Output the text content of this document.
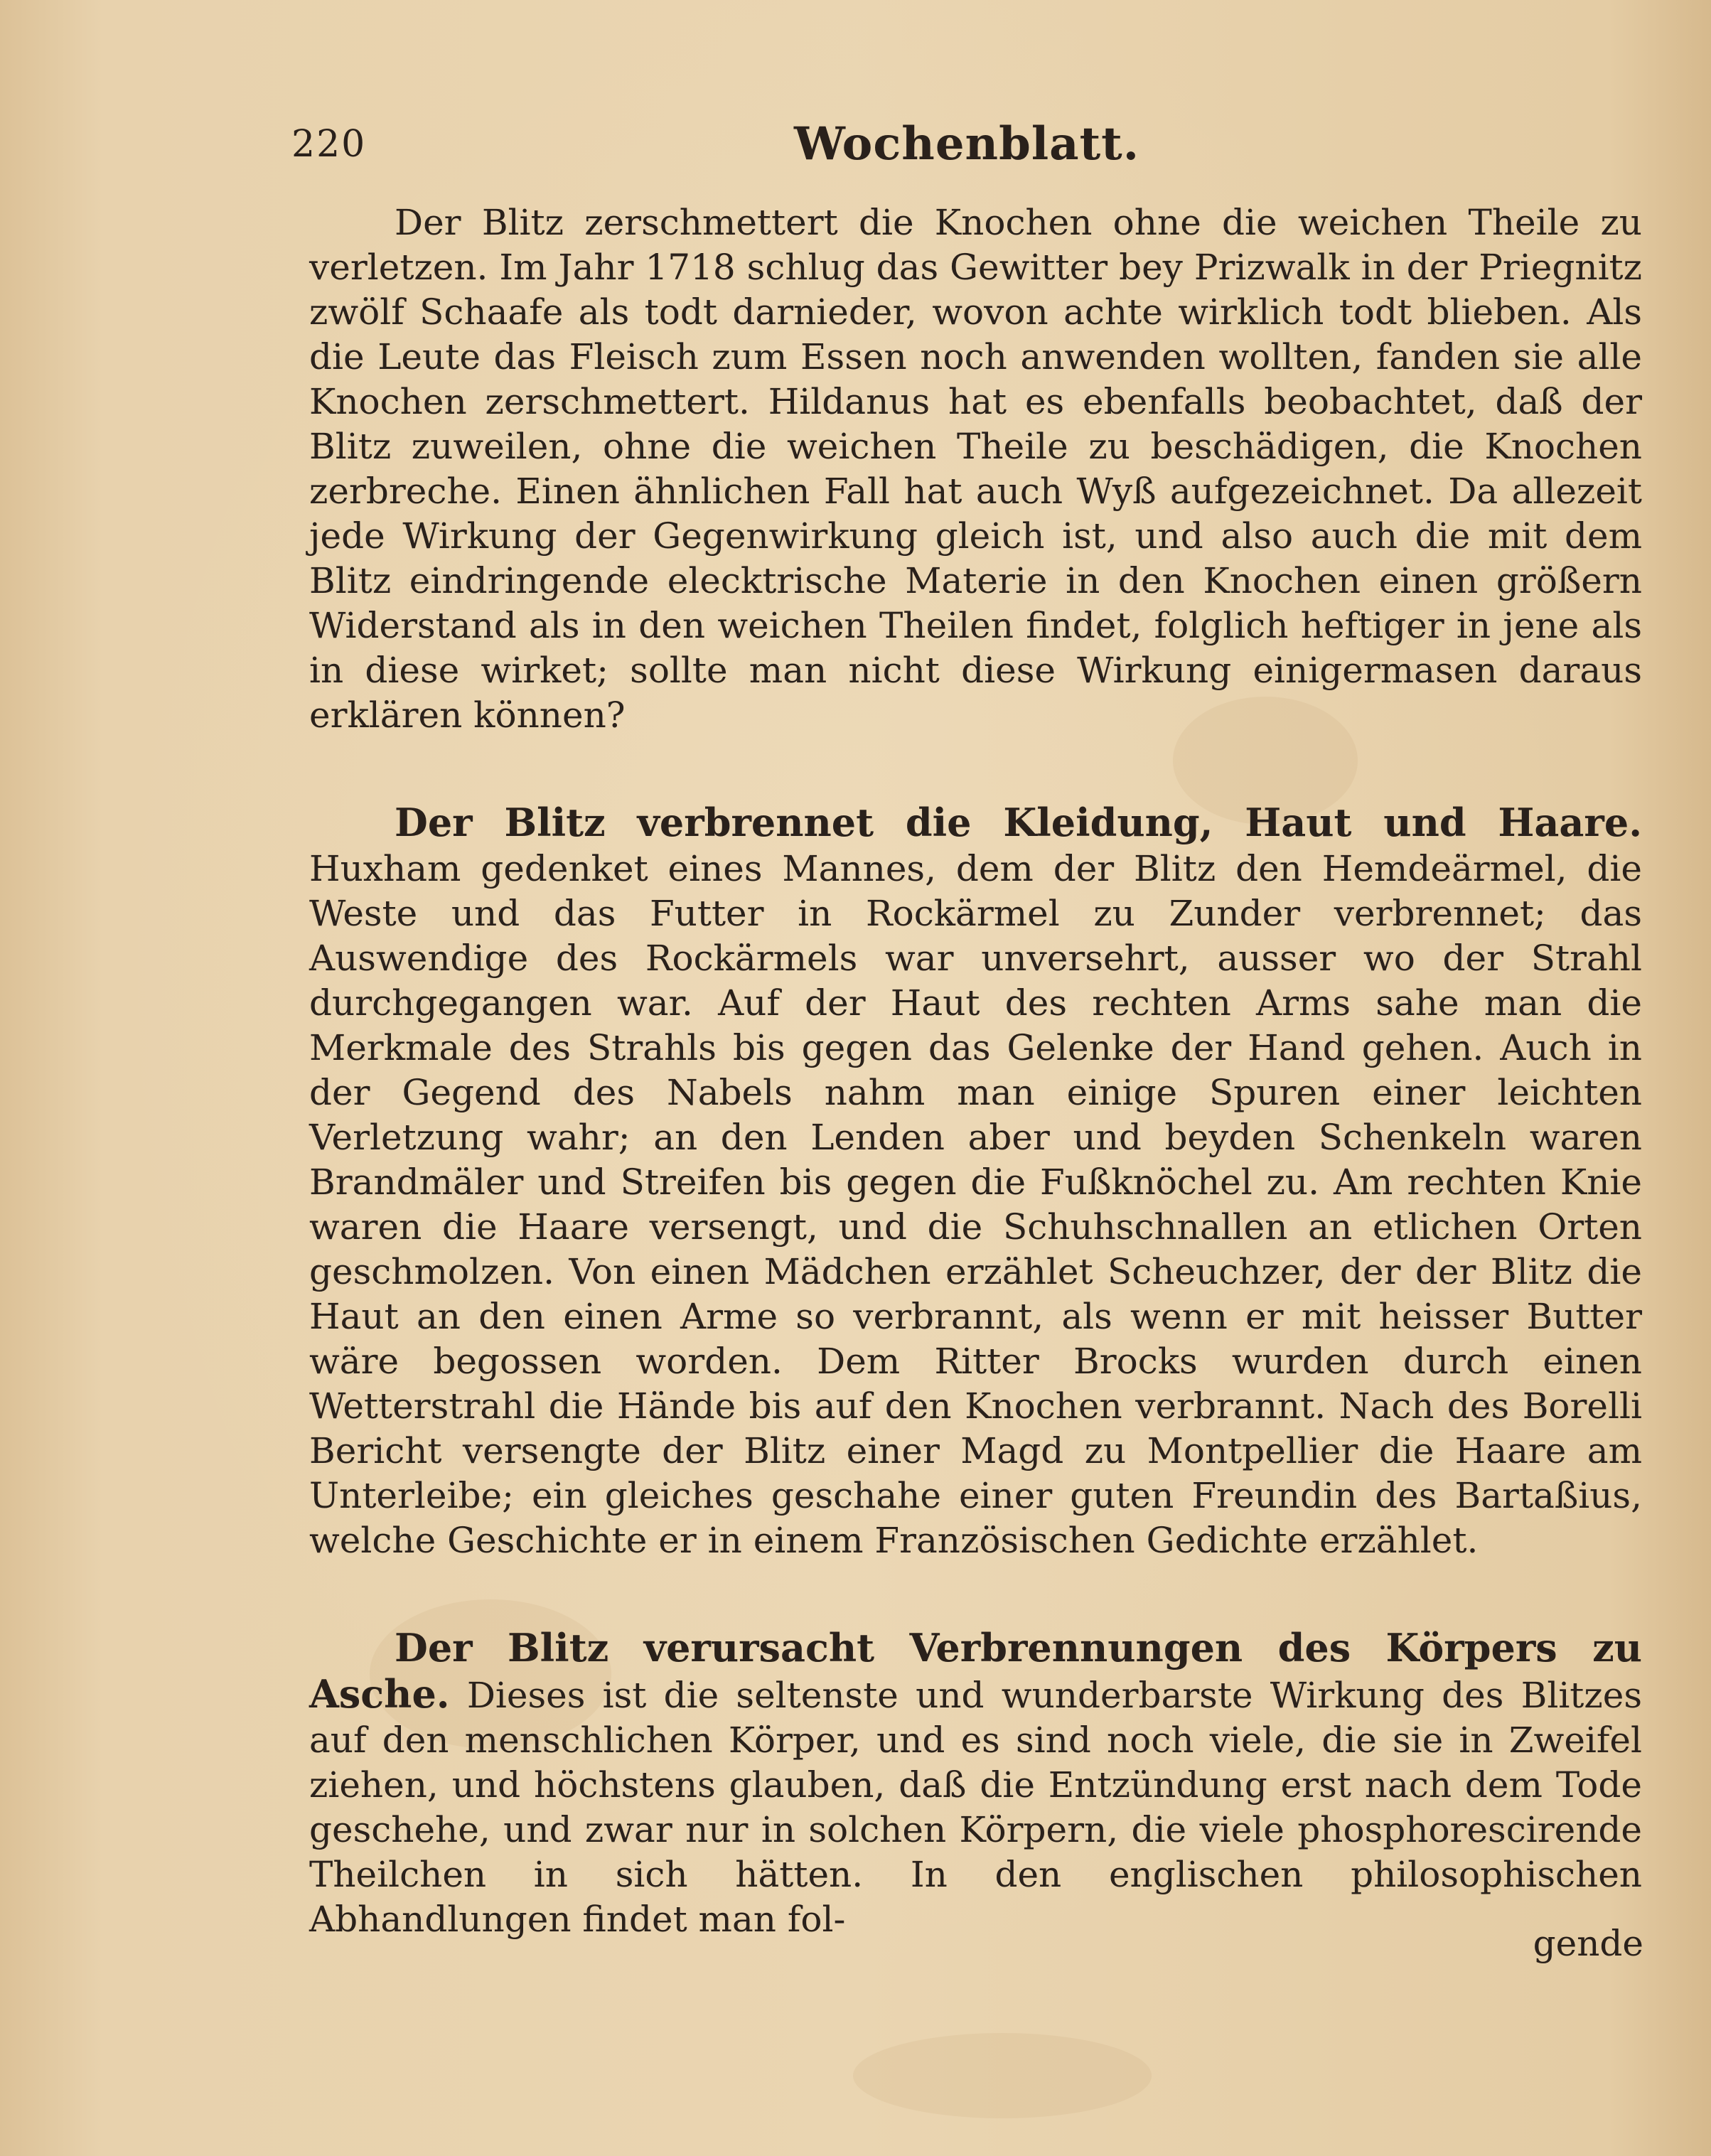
220	Wochenblatt.

Der Blitz zerschmettert die Knochen ohne die weichen Theile zu verletzen. Im Jahr 1718 schlug das Gewitter bey Prizwalk in der Priegnitz zwölf Schaafe als todt darnieder, wovon achte wirklich todt blieben. Als die Leute das Fleisch zum Essen noch anwenden wollten, fanden sie alle Knochen zerschmettert. Hildanus hat es ebenfalls beobachtet, daß der Blitz zuweilen, ohne die weichen Theile zu beschädigen, die Knochen zerbreche. Einen ähnlichen Fall hat auch Wyß aufgezeichnet. Da allezeit jede Wirkung der Gegenwirkung gleich ist, und also auch die mit dem Blitz eindringende elecktrische Materie in den Knochen einen größern Widerstand als in den weichen Theilen findet, folglich heftiger in jene als in diese wirket; sollte man nicht diese Wirkung einigermasen daraus erklären können?

Der Blitz verbrennet die Kleidung, Haut und Haare. Huxham gedenket eines Mannes, dem der Blitz den Hemdeärmel, die Weste und das Futter in Rockärmel zu Zunder verbrennet; das Auswendige des Rockärmels war unversehrt, ausser wo der Strahl durchgegangen war. Auf der Haut des rechten Arms sahe man die Merkmale des Strahls bis gegen das Gelenke der Hand gehen. Auch in der Gegend des Nabels nahm man einige Spuren einer leichten Verletzung wahr; an den Lenden aber und beyden Schenkeln waren Brandmäler und Streifen bis gegen die Fußknöchel zu. Am rechten Knie waren die Haare versengt, und die Schuhschnallen an etlichen Orten geschmolzen. Von einen Mädchen erzählet Scheuchzer, der der Blitz die Haut an den einen Arme so verbrannt, als wenn er mit heisser Butter wäre begossen worden. Dem Ritter Brocks wurden durch einen Wetterstrahl die Hände bis auf den Knochen verbrannt. Nach des Borelli Bericht versengte der Blitz einer Magd zu Montpellier die Haare am Unterleibe; ein gleiches geschahe einer guten Freundin des Bartaßius, welche Geschichte er in einem Französischen Gedichte erzählet.

Der Blitz verursacht Verbrennungen des Körpers zu Asche. Dieses ist die seltenste und wunderbarste Wirkung des Blitzes auf den menschlichen Körper, und es sind noch viele, die sie in Zweifel ziehen, und höchstens glauben, daß die Entzündung erst nach dem Tode geschehe, und zwar nur in solchen Körpern, die viele phosphorescirende Theilchen in sich hätten. In den englischen philosophischen Abhandlungen findet man fol-

gende
